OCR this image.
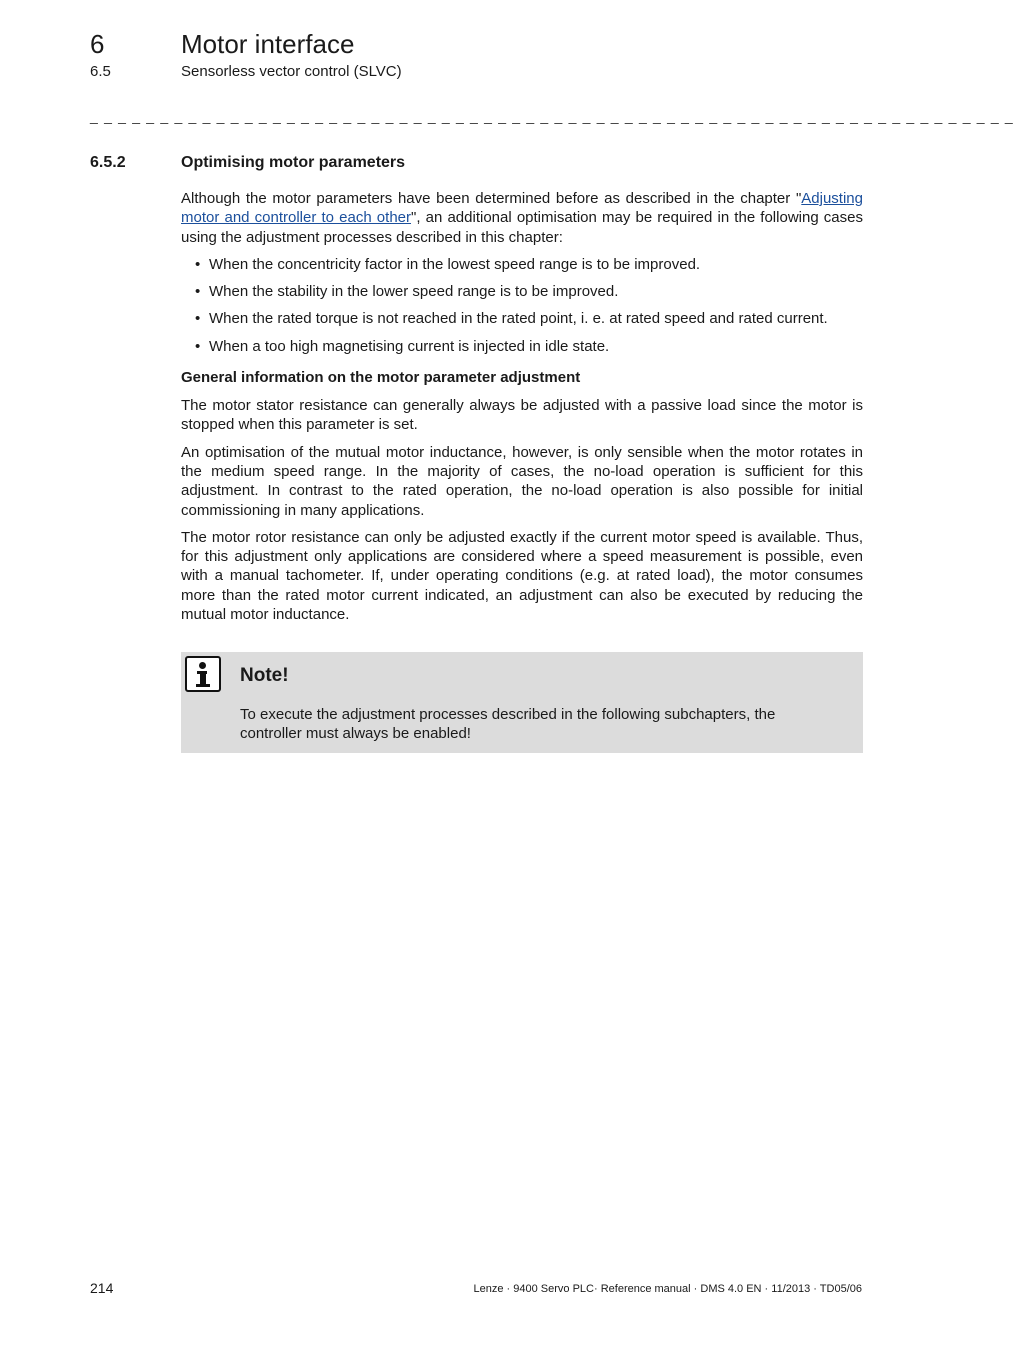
6	Motor interface
6.5	Sensorless vector control (SLVC)
_ _ _ _ _ _ _ _ _ _ _ _ _ _ _ _ _ _ _ _ _ _ _ _ _ _ _ _ _ _ _ _ _ _ _ _ _ _ _ _ _ _ _ _ _ _ _ _ _ _ _ _ _ _ _ _ _ _ _ _ _ _ _ _ _ _
6.5.2	Optimising motor parameters

Although the motor parameters have been determined before as described in the chapter "Adjusting motor and controller to each other", an additional optimisation may be required in the following cases using the adjustment processes described in this chapter:

• When the concentricity factor in the lowest speed range is to be improved.
• When the stability in the lower speed range is to be improved.
• When the rated torque is not reached in the rated point, i. e. at rated speed and rated current.
• When a too high magnetising current is injected in idle state.
General information on the motor parameter adjustment

The motor stator resistance can generally always be adjusted with a passive load since the motor is stopped when this parameter is set.

An optimisation of the mutual motor inductance, however, is only sensible when the motor rotates in the medium speed range. In the majority of cases, the no-load operation is sufficient for this adjustment. In contrast to the rated operation, the no-load operation is also possible for initial commissioning in many applications.

The motor rotor resistance can only be adjusted exactly if the current motor speed is available. Thus, for this adjustment only applications are considered where a speed measurement is possible, even with a manual tachometer. If, under operating conditions (e.g. at rated load), the motor consumes more than the rated motor current indicated, an adjustment can also be executed by reducing the mutual motor inductance.

Note!
To execute the adjustment processes described in the following subchapters, the controller must always be enabled!
214	Lenze · 9400 Servo PLC· Reference manual · DMS 4.0 EN · 11/2013 · TD05/06
